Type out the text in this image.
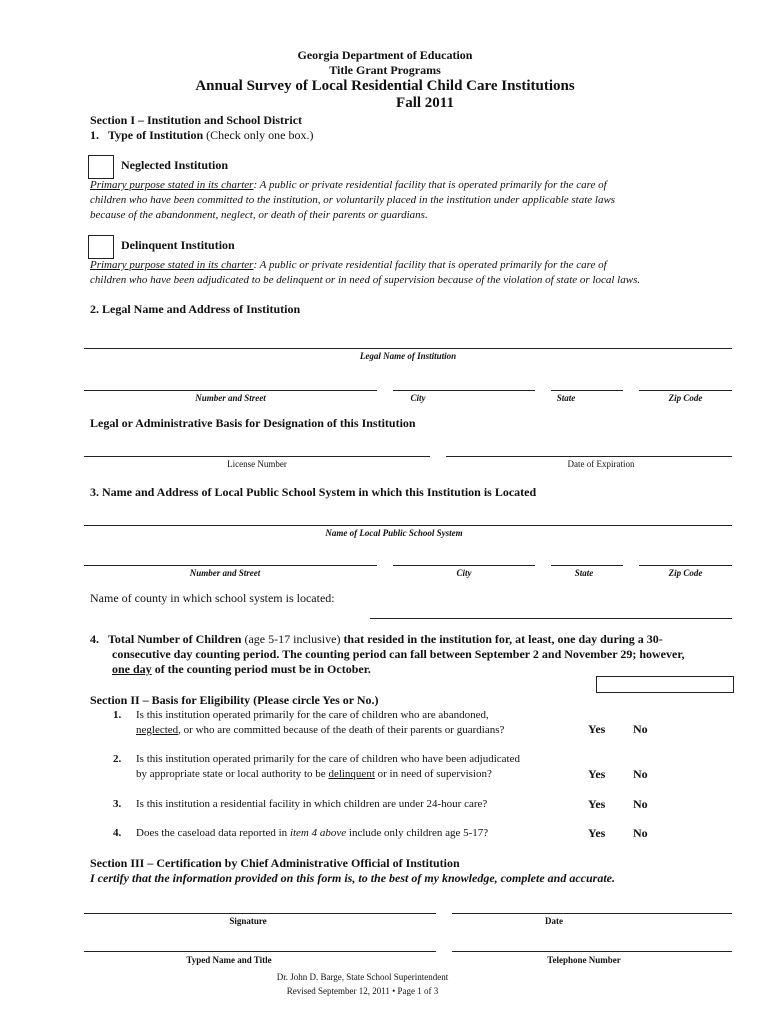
Georgia Department of Education
Title Grant Programs
Annual Survey of Local Residential Child Care Institutions
Fall 2011
Section I – Institution and School District
1. Type of Institution (Check only one box.)
Neglected Institution
Primary purpose stated in its charter: A public or private residential facility that is operated primarily for the care of
children who have been committed to the institution, or voluntarily placed in the institution under applicable state laws
because of the abandonment, neglect, or death of their parents or guardians.
Delinquent Institution
Primary purpose stated in its charter: A public or private residential facility that is operated primarily for the care of
children who have been adjudicated to be delinquent or in need of supervision because of the violation of state or local laws.
2. Legal Name and Address of Institution
Legal Name of Institution
Number and Street	City	State	Zip Code
Legal or Administrative Basis for Designation of this Institution
License Number	Date of Expiration
3. Name and Address of Local Public School System in which this Institution is Located
Name of Local Public School System
Number and Street	City	State	Zip Code
Name of county in which school system is located:
4. Total Number of Children (age 5-17 inclusive) that resided in the institution for, at least, one day during a 30-
consecutive day counting period. The counting period can fall between September 2 and November 29; however,
one day of the counting period must be in October.
Section II – Basis for Eligibility (Please circle Yes or No.)
1. Is this institution operated primarily for the care of children who are abandoned,
neglected, or who are committed because of the death of their parents or guardians?	Yes No
2. Is this institution operated primarily for the care of children who have been adjudicated
by appropriate state or local authority to be delinquent or in need of supervision?	Yes No
3. Is this institution a residential facility in which children are under 24-hour care?	Yes No
4. Does the caseload data reported in item 4 above include only children age 5-17?	Yes No
Section III – Certification by Chief Administrative Official of Institution
I certify that the information provided on this form is, to the best of my knowledge, complete and accurate.
Signature	Date
Typed Name and Title	Telephone Number
Dr. John D. Barge, State School Superintendent
Revised September 12, 2011 • Page 1 of 3
